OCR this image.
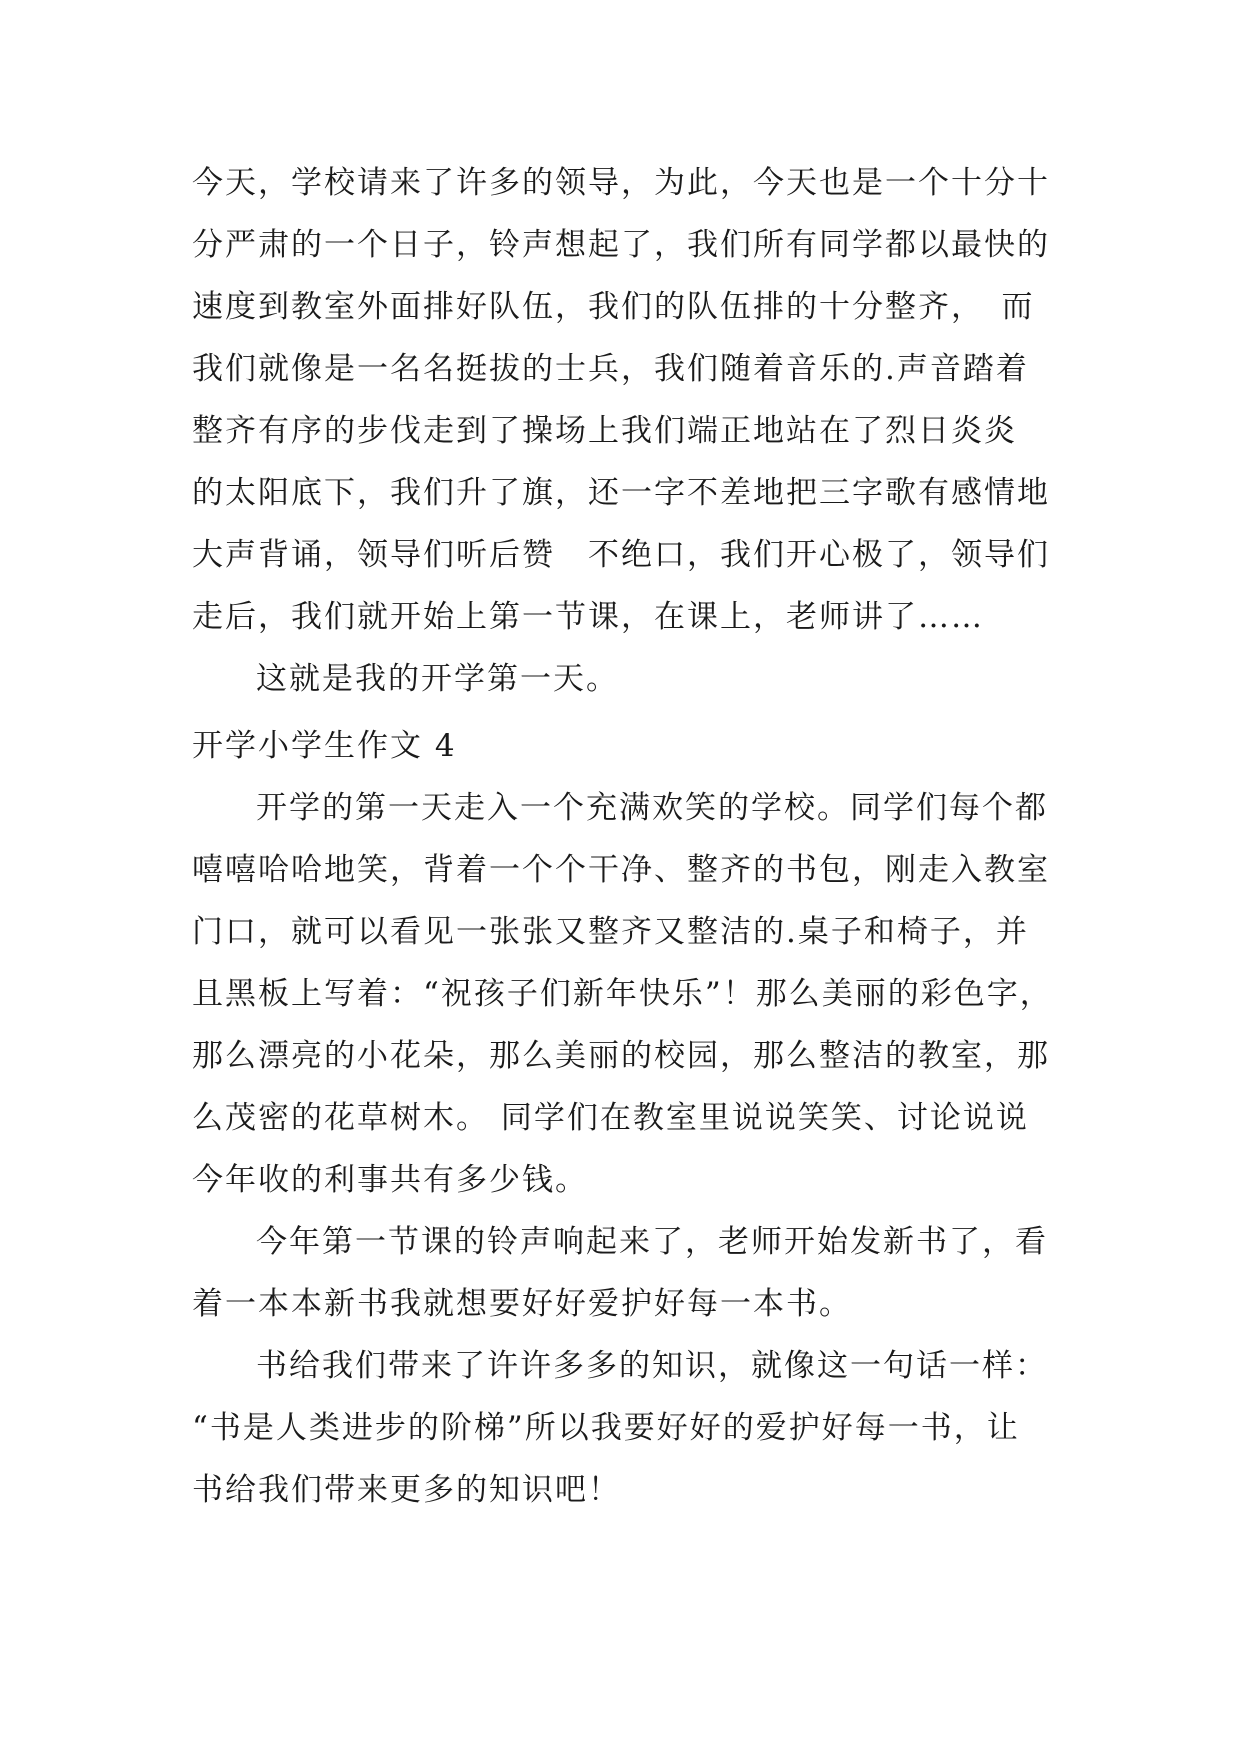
今天，学校请来了许多的领导，为此，今天也是一个十分十
分严肃的一个日子，铃声想起了，我们所有同学都以最快的
速度到教室外面排好队伍，我们的队伍排的十分整齐，　而
我们就像是一名名挺拔的士兵，我们随着音乐的.声音踏着
整齐有序的步伐走到了操场上我们端正地站在了烈日炎炎
的太阳底下，我们升了旗，还一字不差地把三字歌有感情地
大声背诵，领导们听后赞　不绝口，我们开心极了，领导们
走后，我们就开始上第一节课，在课上，老师讲了……
这就是我的开学第一天。
开学小学生作文 4
开学的第一天走入一个充满欢笑的学校。同学们每个都
嘻嘻哈哈地笑，背着一个个干净、整齐的书包，刚走入教室
门口，就可以看见一张张又整齐又整洁的.桌子和椅子，并
且黑板上写着：“祝孩子们新年快乐”！那么美丽的彩色字，
那么漂亮的小花朵，那么美丽的校园，那么整洁的教室，那
么茂密的花草树木。 同学们在教室里说说笑笑、讨论说说
今年收的利事共有多少钱。
今年第一节课的铃声响起来了，老师开始发新书了，看
着一本本新书我就想要好好爱护好每一本书。
书给我们带来了许许多多的知识，就像这一句话一样：
“书是人类进步的阶梯”所以我要好好的爱护好每一书，让
书给我们带来更多的知识吧！
